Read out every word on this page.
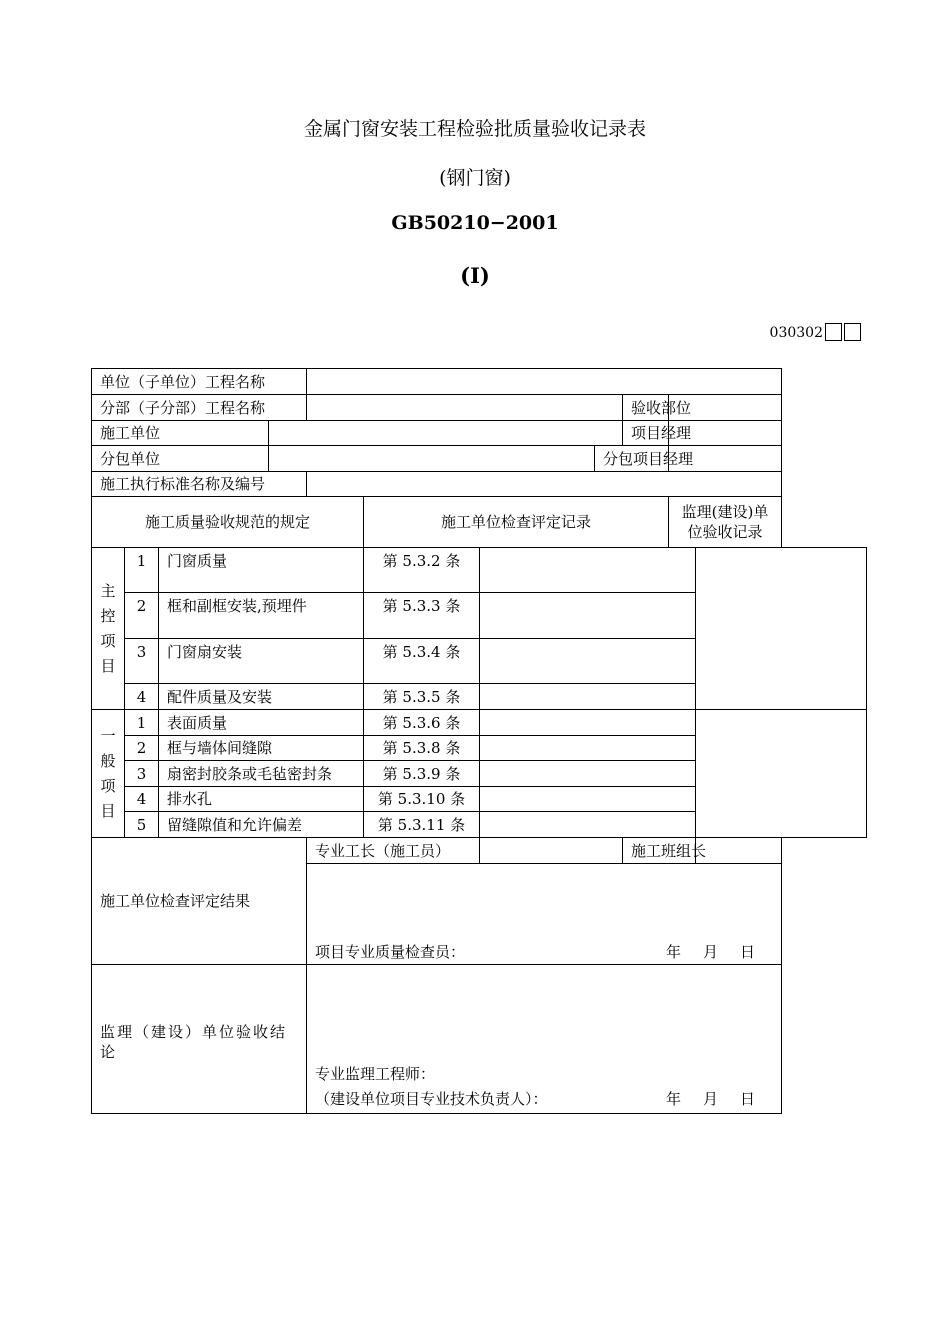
金属门窗安装工程检验批质量验收记录表
(钢门窗)
GB50210−2001
(Ⅰ)
030302
单位（子单位）工程名称										
分部（子分部）工程名称								验收部位		
施工单位								项目经理		
分包单位							分包项目经理			
施工执行标准名称及编号										
施工质量验收规范的规定					施工单位检查评定记录				监理(建设)单位验收记录	
主控项目	1	门窗质量			第 5.3.2 条					
	2	框和副框安装,预埋件			第 5.3.3 条					
	3	门窗扇安装			第 5.3.4 条					
	4	配件质量及安装			第 5.3.5 条					
一般项目	1	表面质量			第 5.3.6 条					
	2	框与墙体间缝隙			第 5.3.8 条					
	3	扇密封胶条或毛毡密封条			第 5.3.9 条					
	4	排水孔			第 5.3.10 条					
	5	留缝隙值和允许偏差			第 5.3.11 条					
施工单位检查评定结果				专业工长（施工员）				施工班组长		

				项目专业质量检查员： 年 月 日						

监理（建设）单位验收结论				专业监理工程师：
（建设单位项目专业技术负责人）： 年 月 日						
